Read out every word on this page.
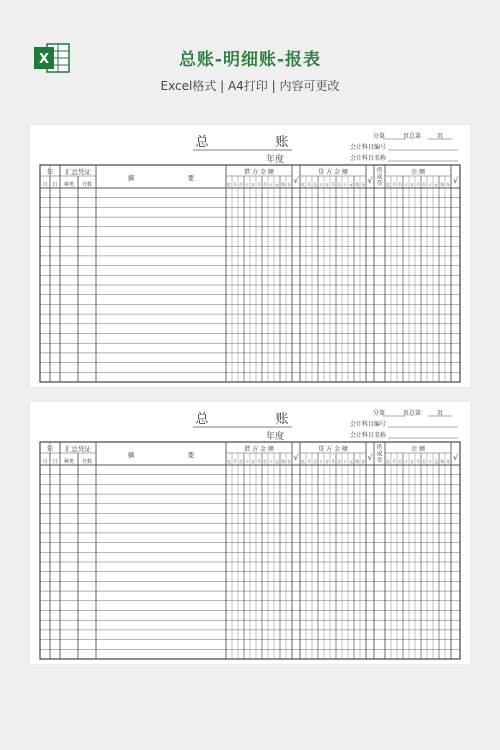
X	总账-明细账-报表
Excel格式 | A4打印 | 内容可更改
总	账
年度
分第	页总第	页
会计科目编号
会计科目名称
年 汇总凭证
月 日 种类 号数
摘	要
借 方 金 额	贷 方 金 额	余 额
√	√	√
借
或
贷
亿 千 百 十 万 千 百 十 元 角 分	亿 千 百 十 万 千 百 十 元 角 分	亿 千 百 十 万 千 百 十 元 角 分
总	账
年度
分第	页总第	页
会计科目编号
会计科目名称
年 汇总凭证
月 日 种类 号数
摘	要
借 方 金 额	贷 方 金 额	余 额
√	√	√
借
或
贷
亿 千 百 十 万 千 百 十 元 角 分	亿 千 百 十 万 千 百 十 元 角 分	亿 千 百 十 万 千 百 十 元 角 分
